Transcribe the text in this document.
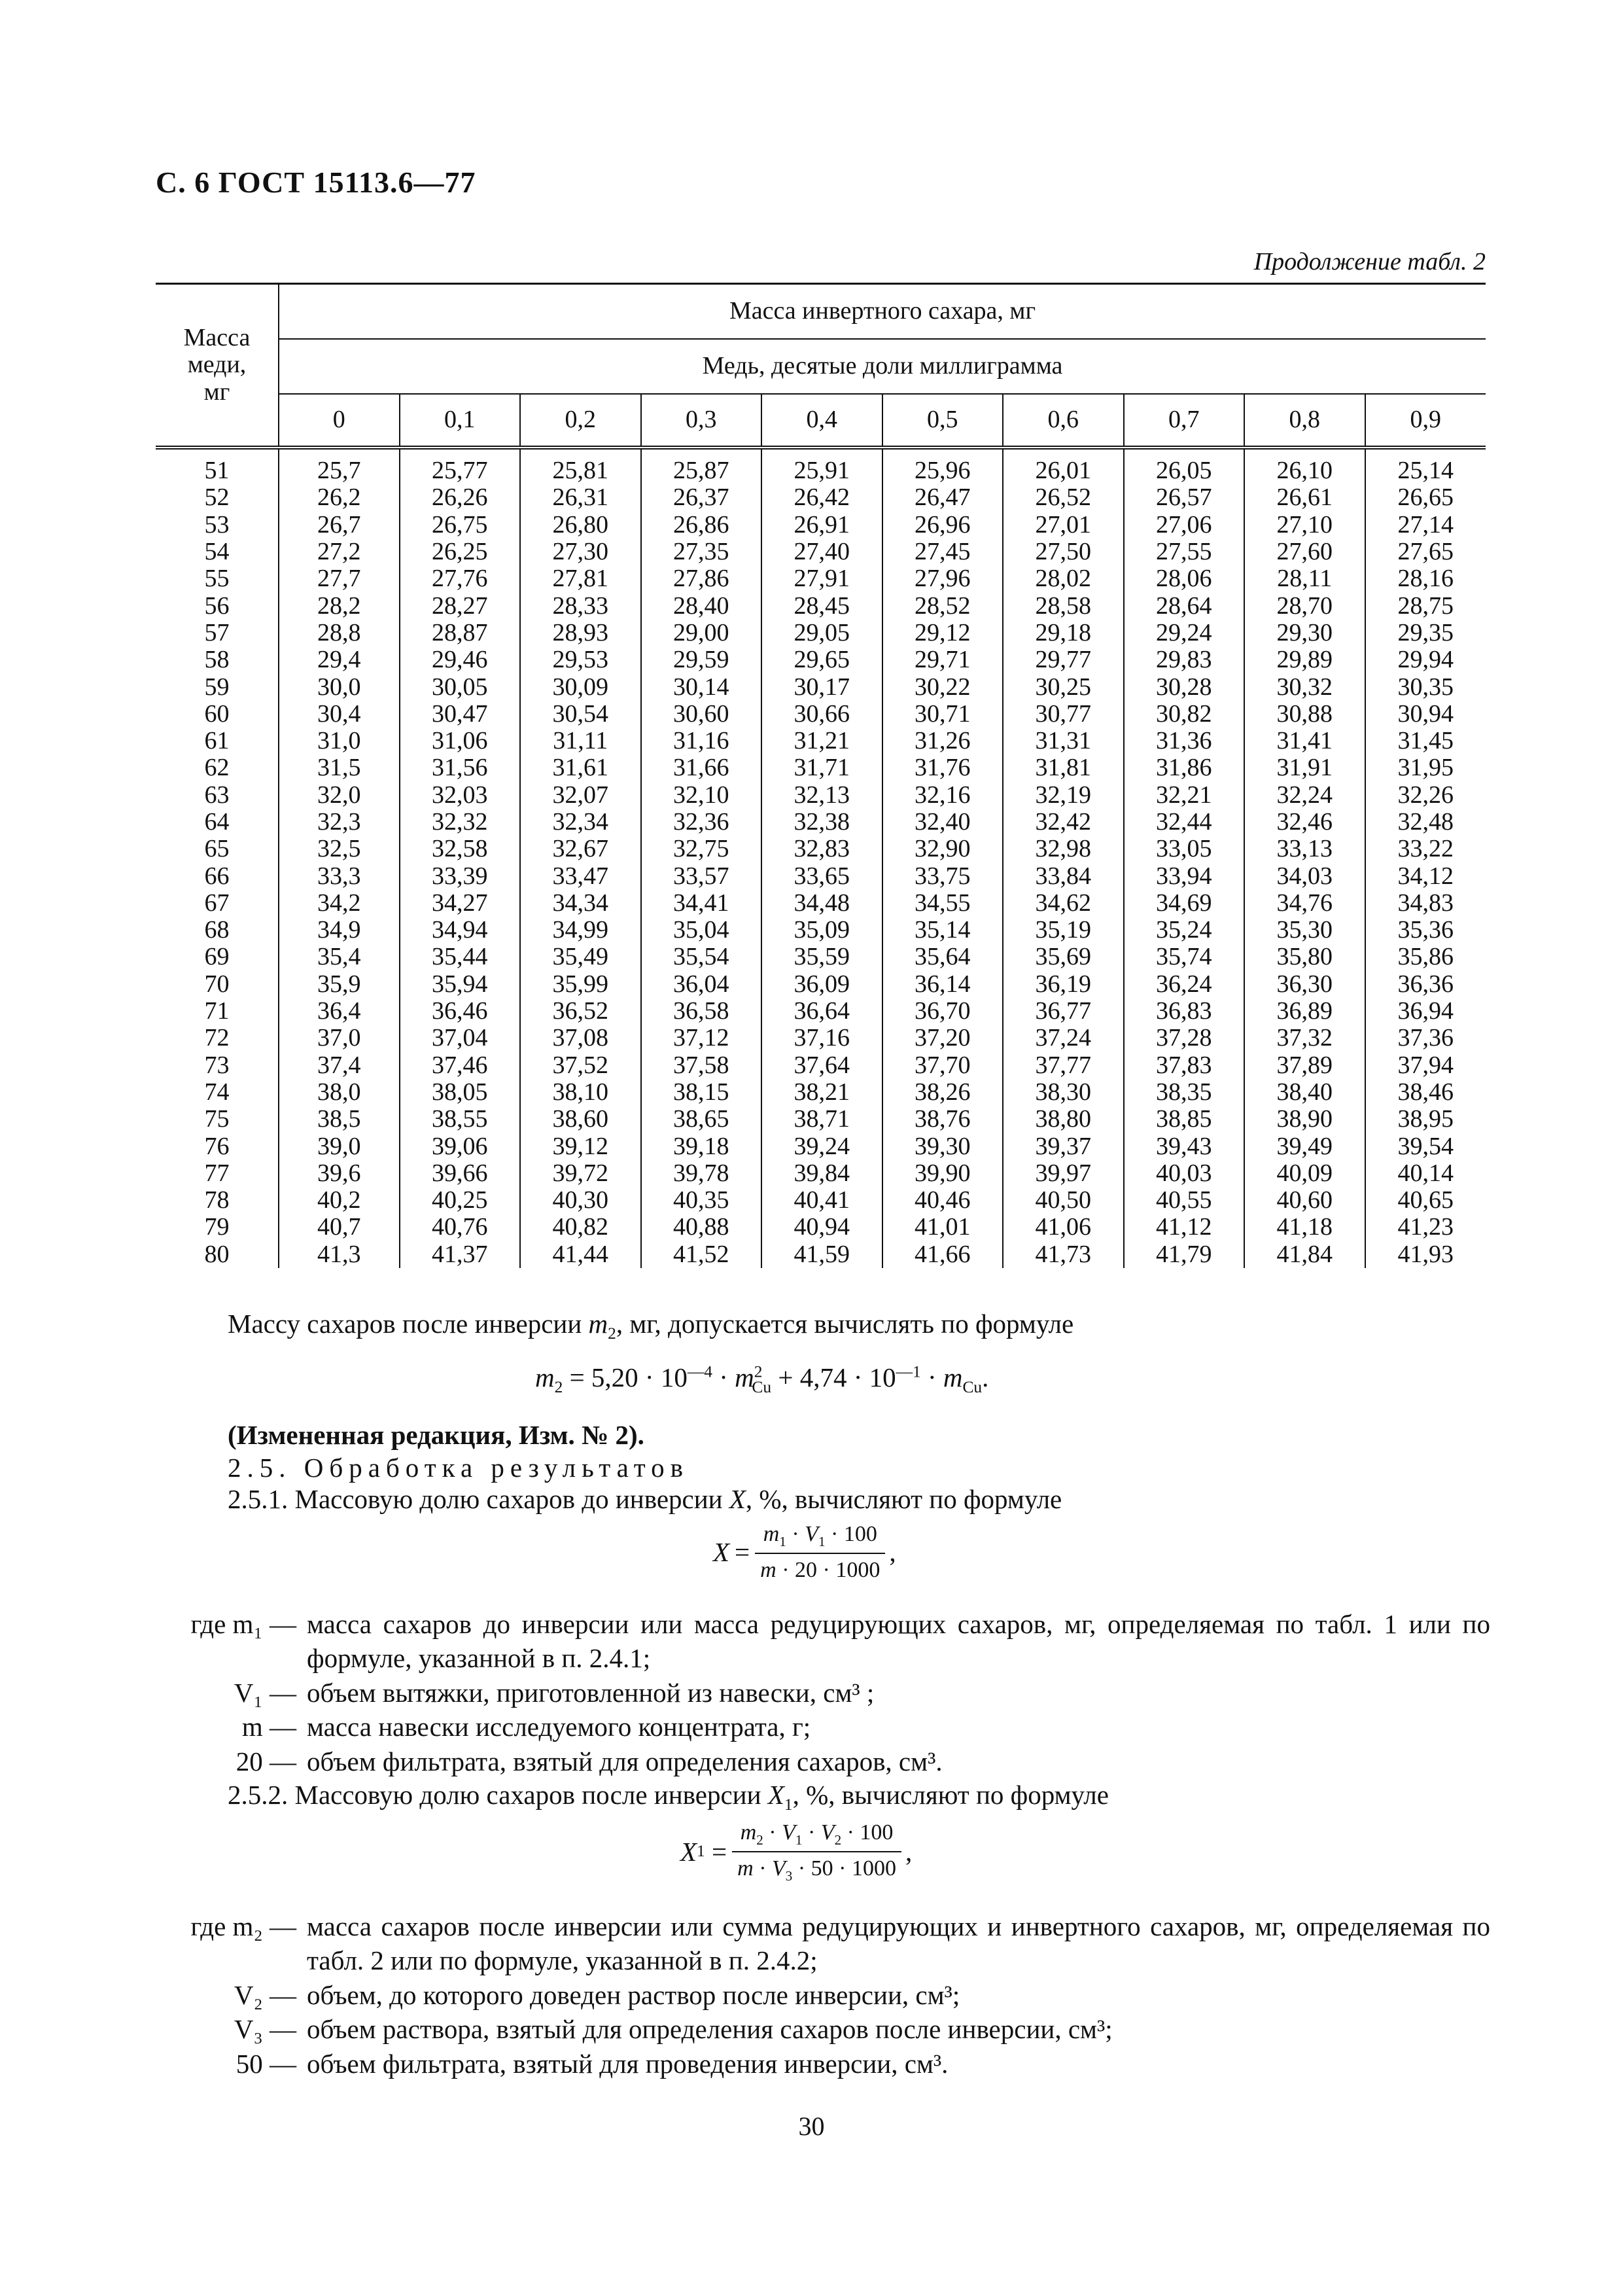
С. 6 ГОСТ 15113.6—77
Продолжение табл. 2
Масса
меди,
мг	Масса инвертного сахара, мг									
	Медь, десятые доли миллиграмма									
	0	0,1	0,2	0,3	0,4	0,5	0,6	0,7	0,8	0,9
51	25,7	25,77	25,81	25,87	25,91	25,96	26,01	26,05	26,10	25,14
52	26,2	26,26	26,31	26,37	26,42	26,47	26,52	26,57	26,61	26,65
53	26,7	26,75	26,80	26,86	26,91	26,96	27,01	27,06	27,10	27,14
54	27,2	26,25	27,30	27,35	27,40	27,45	27,50	27,55	27,60	27,65
55	27,7	27,76	27,81	27,86	27,91	27,96	28,02	28,06	28,11	28,16
56	28,2	28,27	28,33	28,40	28,45	28,52	28,58	28,64	28,70	28,75
57	28,8	28,87	28,93	29,00	29,05	29,12	29,18	29,24	29,30	29,35
58	29,4	29,46	29,53	29,59	29,65	29,71	29,77	29,83	29,89	29,94
59	30,0	30,05	30,09	30,14	30,17	30,22	30,25	30,28	30,32	30,35
60	30,4	30,47	30,54	30,60	30,66	30,71	30,77	30,82	30,88	30,94
61	31,0	31,06	31,11	31,16	31,21	31,26	31,31	31,36	31,41	31,45
62	31,5	31,56	31,61	31,66	31,71	31,76	31,81	31,86	31,91	31,95
63	32,0	32,03	32,07	32,10	32,13	32,16	32,19	32,21	32,24	32,26
64	32,3	32,32	32,34	32,36	32,38	32,40	32,42	32,44	32,46	32,48
65	32,5	32,58	32,67	32,75	32,83	32,90	32,98	33,05	33,13	33,22
66	33,3	33,39	33,47	33,57	33,65	33,75	33,84	33,94	34,03	34,12
67	34,2	34,27	34,34	34,41	34,48	34,55	34,62	34,69	34,76	34,83
68	34,9	34,94	34,99	35,04	35,09	35,14	35,19	35,24	35,30	35,36
69	35,4	35,44	35,49	35,54	35,59	35,64	35,69	35,74	35,80	35,86
70	35,9	35,94	35,99	36,04	36,09	36,14	36,19	36,24	36,30	36,36
71	36,4	36,46	36,52	36,58	36,64	36,70	36,77	36,83	36,89	36,94
72	37,0	37,04	37,08	37,12	37,16	37,20	37,24	37,28	37,32	37,36
73	37,4	37,46	37,52	37,58	37,64	37,70	37,77	37,83	37,89	37,94
74	38,0	38,05	38,10	38,15	38,21	38,26	38,30	38,35	38,40	38,46
75	38,5	38,55	38,60	38,65	38,71	38,76	38,80	38,85	38,90	38,95
76	39,0	39,06	39,12	39,18	39,24	39,30	39,37	39,43	39,49	39,54
77	39,6	39,66	39,72	39,78	39,84	39,90	39,97	40,03	40,09	40,14
78	40,2	40,25	40,30	40,35	40,41	40,46	40,50	40,55	40,60	40,65
79	40,7	40,76	40,82	40,88	40,94	41,01	41,06	41,12	41,18	41,23
80	41,3	41,37	41,44	41,52	41,59	41,66	41,73	41,79	41,84	41,93
Массу сахаров после инверсии $m_2$, мг, допускается вычислять по формуле
$m_2 = 5,20 \cdot 10^{—4} \cdot m^2_{Cu} + 4,74 \cdot 10^{—1} \cdot m_{Cu}$.
(Измененная редакция, Изм. № 2).
2.5. Обработка результатов
2.5.1. Массовую долю сахаров до инверсии X, %, вычисляют по формуле
$X = \frac{m_1 \cdot V_1 \cdot 100}{m \cdot 20 \cdot 1000}$ ,
где m₁ — масса сахаров до инверсии или масса редуцирующих сахаров, мг, определяемая по табл. 1 или по формуле, указанной в п. 2.4.1;
V₁ — объем вытяжки, приготовленной из навески, см³ ;
m — масса навески исследуемого концентрата, г;
20 — объем фильтрата, взятый для определения сахаров, см³.
2.5.2. Массовую долю сахаров после инверсии $X_1$, %, вычисляют по формуле
X $1 = \frac{m_2 \cdot V_1 \cdot V_2 \cdot 100}{m \cdot V_3 \cdot 50 \cdot 1000}$ ,
где m₂ — масса сахаров после инверсии или сумма редуцирующих и инвертного сахаров, мг, определяемая по табл. 2 или по формуле, указанной в п. 2.4.2;
V₂ — объем, до которого доведен раствор после инверсии, см³;
V₃ — объем раствора, взятый для определения сахаров после инверсии, см³;
50 — объем фильтрата, взятый для проведения инверсии, см³.
30
